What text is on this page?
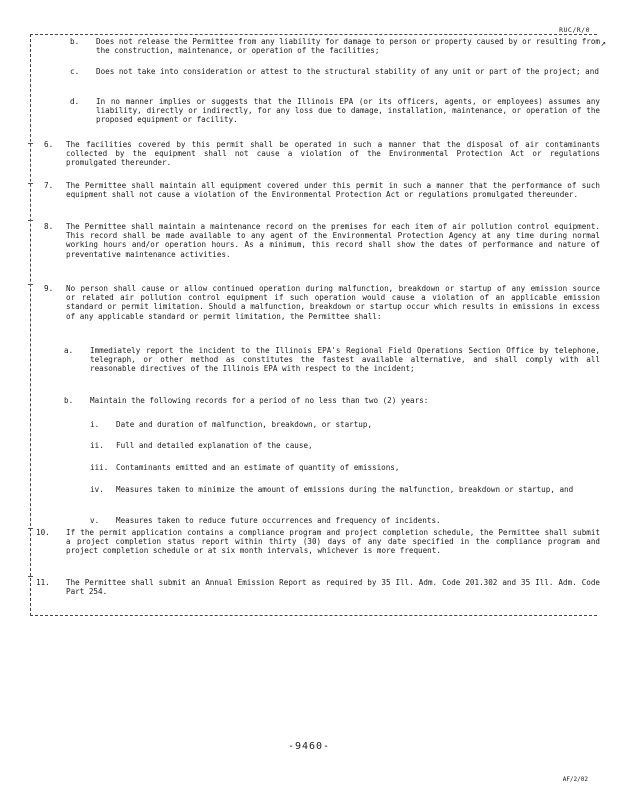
RUC/R/0
↗
b. Does not release the Permittee from any liability for damage to person or property caused by or resulting from the construction, maintenance, or operation of the facilities;
c. Does not take into consideration or attest to the structural stability of any unit or part of the project; and
d. In no manner implies or suggests that the Illinois EPA (or its officers, agents, or employees) assumes any liability, directly or indirectly, for any loss due to damage, installation, maintenance, or operation of the proposed equipment or facility.
6. The facilities covered by this permit shall be operated in such a manner that the disposal of air contaminants collected by the equipment shall not cause a violation of the Environmental Protection Act or regulations promulgated thereunder.
7. The Permittee shall maintain all equipment covered under this permit in such a manner that the performance of such equipment shall not cause a violation of the Environmental Protection Act or regulations promulgated thereunder.
8. The Permittee shall maintain a maintenance record on the premises for each item of air pollution control equipment. This record shall be made available to any agent of the Environmental Protection Agency at any time during normal working hours and/or operation hours. As a minimum, this record shall show the dates of performance and nature of preventative maintenance activities.
9. No person shall cause or allow continued operation during malfunction, breakdown or startup of any emission source or related air pollution control equipment if such operation would cause a violation of an applicable emission standard or permit limitation. Should a malfunction, breakdown or startup occur which results in emissions in excess of any applicable standard or permit limitation, the Permittee shall:
a. Immediately report the incident to the Illinois EPA's Regional Field Operations Section Office by telephone, telegraph, or other method as constitutes the fastest available alternative, and shall comply with all reasonable directives of the Illinois EPA with respect to the incident;
b. Maintain the following records for a period of no less than two (2) years:
i. Date and duration of malfunction, breakdown, or startup,
ii. Full and detailed explanation of the cause,
iii. Contaminants emitted and an estimate of quantity of emissions,
iv. Measures taken to minimize the amount of emissions during the malfunction, breakdown or startup, and
v. Measures taken to reduce future occurrences and frequency of incidents.
10. If the permit application contains a compliance program and project completion schedule, the Permittee shall submit a project completion status report within thirty (30) days of any date specified in the compliance program and project completion schedule or at six month intervals, whichever is more frequent.
11. The Permittee shall submit an Annual Emission Report as required by 35 Ill. Adm. Code 201.302 and 35 Ill. Adm. Code Part 254.
-9460-
AF/2/02
